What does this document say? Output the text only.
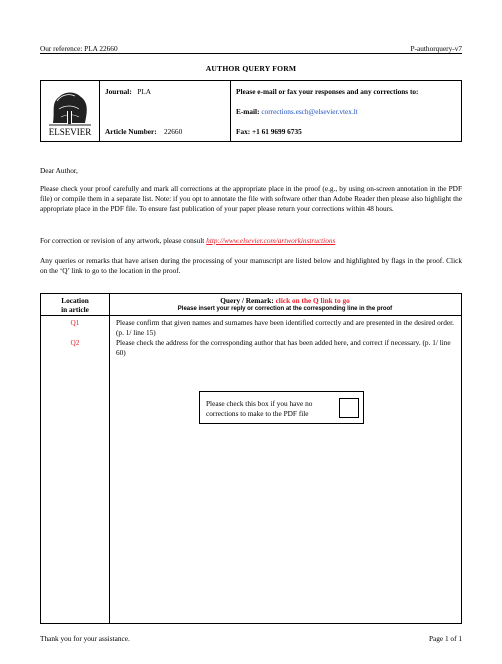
Our reference: PLA 22660	P-authorquery-v7
AUTHOR QUERY FORM
ELSEVIER
Journal: PLA
Article Number: 22660
Please e-mail or fax your responses and any corrections to:
E-mail: corrections.esch@elsevier.vtex.lt
Fax: +1 61 9699 6735

Dear Author,

Please check your proof carefully and mark all corrections at the appropriate place in the proof (e.g., by using on-screen annotation in the PDF file) or compile them in a separate list. Note: if you opt to annotate the file with software other than Adobe Reader then please also highlight the appropriate place in the PDF file. To ensure fast publication of your paper please return your corrections within 48 hours.

For correction or revision of any artwork, please consult http://www.elsevier.com/artworkinstructions

Any queries or remarks that have arisen during the processing of your manuscript are listed below and highlighted by flags in the proof. Click on the ‘Q’ link to go to the location in the proof.

Location
in article
Query / Remark: click on the Q link to go
Please insert your reply or correction at the corresponding line in the proof
Q1	Please confirm that given names and surnames have been identified correctly and are presented in the desired order. (p. 1/ line 15)
Q2	Please check the address for the corresponding author that has been added here, and correct if necessary. (p. 1/ line 60)
Please check this box if you have no corrections to make to the PDF file
Thank you for your assistance.	Page 1 of 1
